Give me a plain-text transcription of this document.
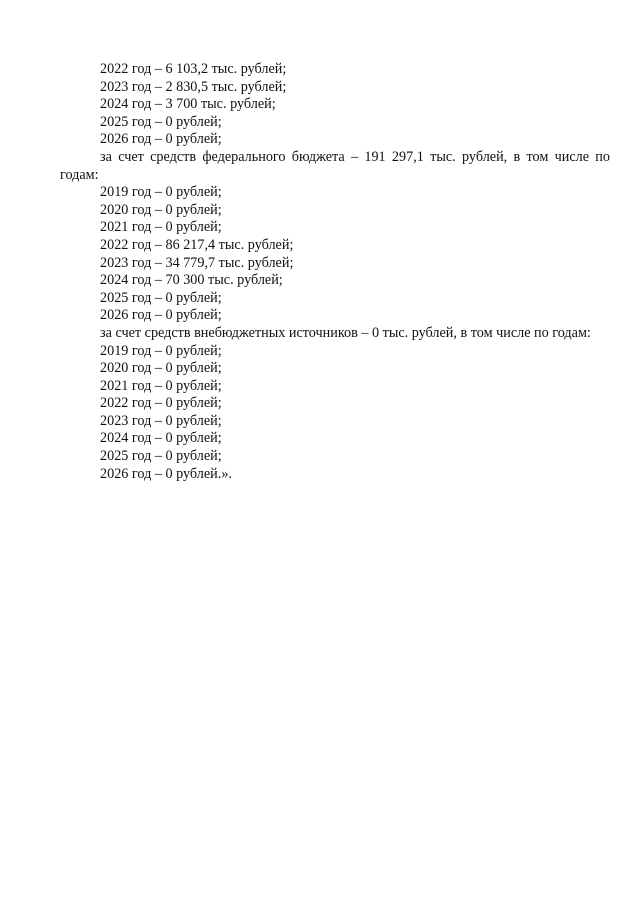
2022 год – 6 103,2 тыс. рублей;

2023 год – 2 830,5 тыс. рублей;

2024 год – 3 700 тыс. рублей;

2025 год – 0 рублей;

2026 год – 0 рублей;

за счет средств федерального бюджета – 191 297,1 тыс. рублей, в том числе по годам:

2019 год – 0 рублей;

2020 год – 0 рублей;

2021 год – 0 рублей;

2022 год – 86 217,4 тыс. рублей;

2023 год – 34 779,7 тыс. рублей;

2024 год – 70 300 тыс. рублей;

2025 год – 0 рублей;

2026 год – 0 рублей;

за счет средств внебюджетных источников – 0 тыс. рублей, в том числе по годам:

2019 год – 0 рублей;

2020 год – 0 рублей;

2021 год – 0 рублей;

2022 год – 0 рублей;

2023 год – 0 рублей;

2024 год – 0 рублей;

2025 год – 0 рублей;

2026 год – 0 рублей.».
